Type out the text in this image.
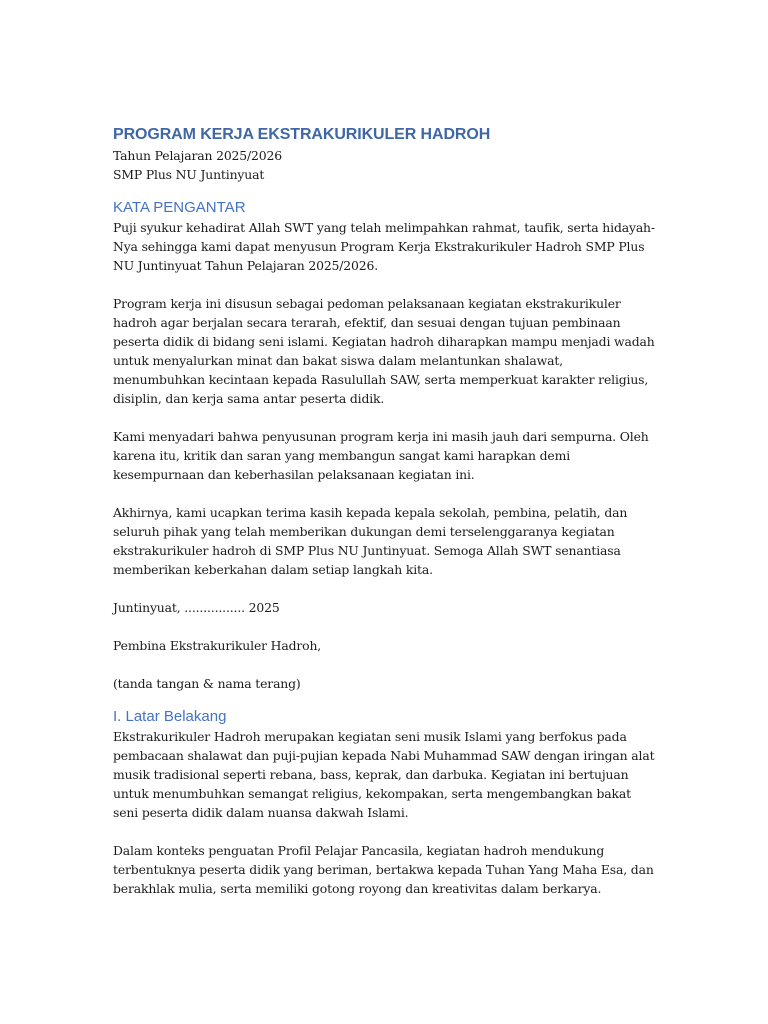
PROGRAM KERJA EKSTRAKURIKULER HADROH

Tahun Pelajaran 2025/2026

SMP Plus NU Juntinyuat

KATA PENGANTAR

Puji syukur kehadirat Allah SWT yang telah melimpahkan rahmat, taufik, serta hidayah-Nya sehingga kami dapat menyusun Program Kerja Ekstrakurikuler Hadroh SMP Plus NU Juntinyuat Tahun Pelajaran 2025/2026.

Program kerja ini disusun sebagai pedoman pelaksanaan kegiatan ekstrakurikuler hadroh agar berjalan secara terarah, efektif, dan sesuai dengan tujuan pembinaan peserta didik di bidang seni islami. Kegiatan hadroh diharapkan mampu menjadi wadah untuk menyalurkan minat dan bakat siswa dalam melantunkan shalawat, menumbuhkan kecintaan kepada Rasulullah SAW, serta memperkuat karakter religius, disiplin, dan kerja sama antar peserta didik.

Kami menyadari bahwa penyusunan program kerja ini masih jauh dari sempurna. Oleh karena itu, kritik dan saran yang membangun sangat kami harapkan demi kesempurnaan dan keberhasilan pelaksanaan kegiatan ini.

Akhirnya, kami ucapkan terima kasih kepada kepala sekolah, pembina, pelatih, dan seluruh pihak yang telah memberikan dukungan demi terselenggaranya kegiatan ekstrakurikuler hadroh di SMP Plus NU Juntinyuat. Semoga Allah SWT senantiasa memberikan keberkahan dalam setiap langkah kita.

Juntinyuat, ................ 2025

Pembina Ekstrakurikuler Hadroh,

(tanda tangan & nama terang)

I. Latar Belakang

Ekstrakurikuler Hadroh merupakan kegiatan seni musik Islami yang berfokus pada pembacaan shalawat dan puji-pujian kepada Nabi Muhammad SAW dengan iringan alat musik tradisional seperti rebana, bass, keprak, dan darbuka. Kegiatan ini bertujuan untuk menumbuhkan semangat religius, kekompakan, serta mengembangkan bakat seni peserta didik dalam nuansa dakwah Islami.

Dalam konteks penguatan Profil Pelajar Pancasila, kegiatan hadroh mendukung terbentuknya peserta didik yang beriman, bertakwa kepada Tuhan Yang Maha Esa, dan berakhlak mulia, serta memiliki gotong royong dan kreativitas dalam berkarya.
